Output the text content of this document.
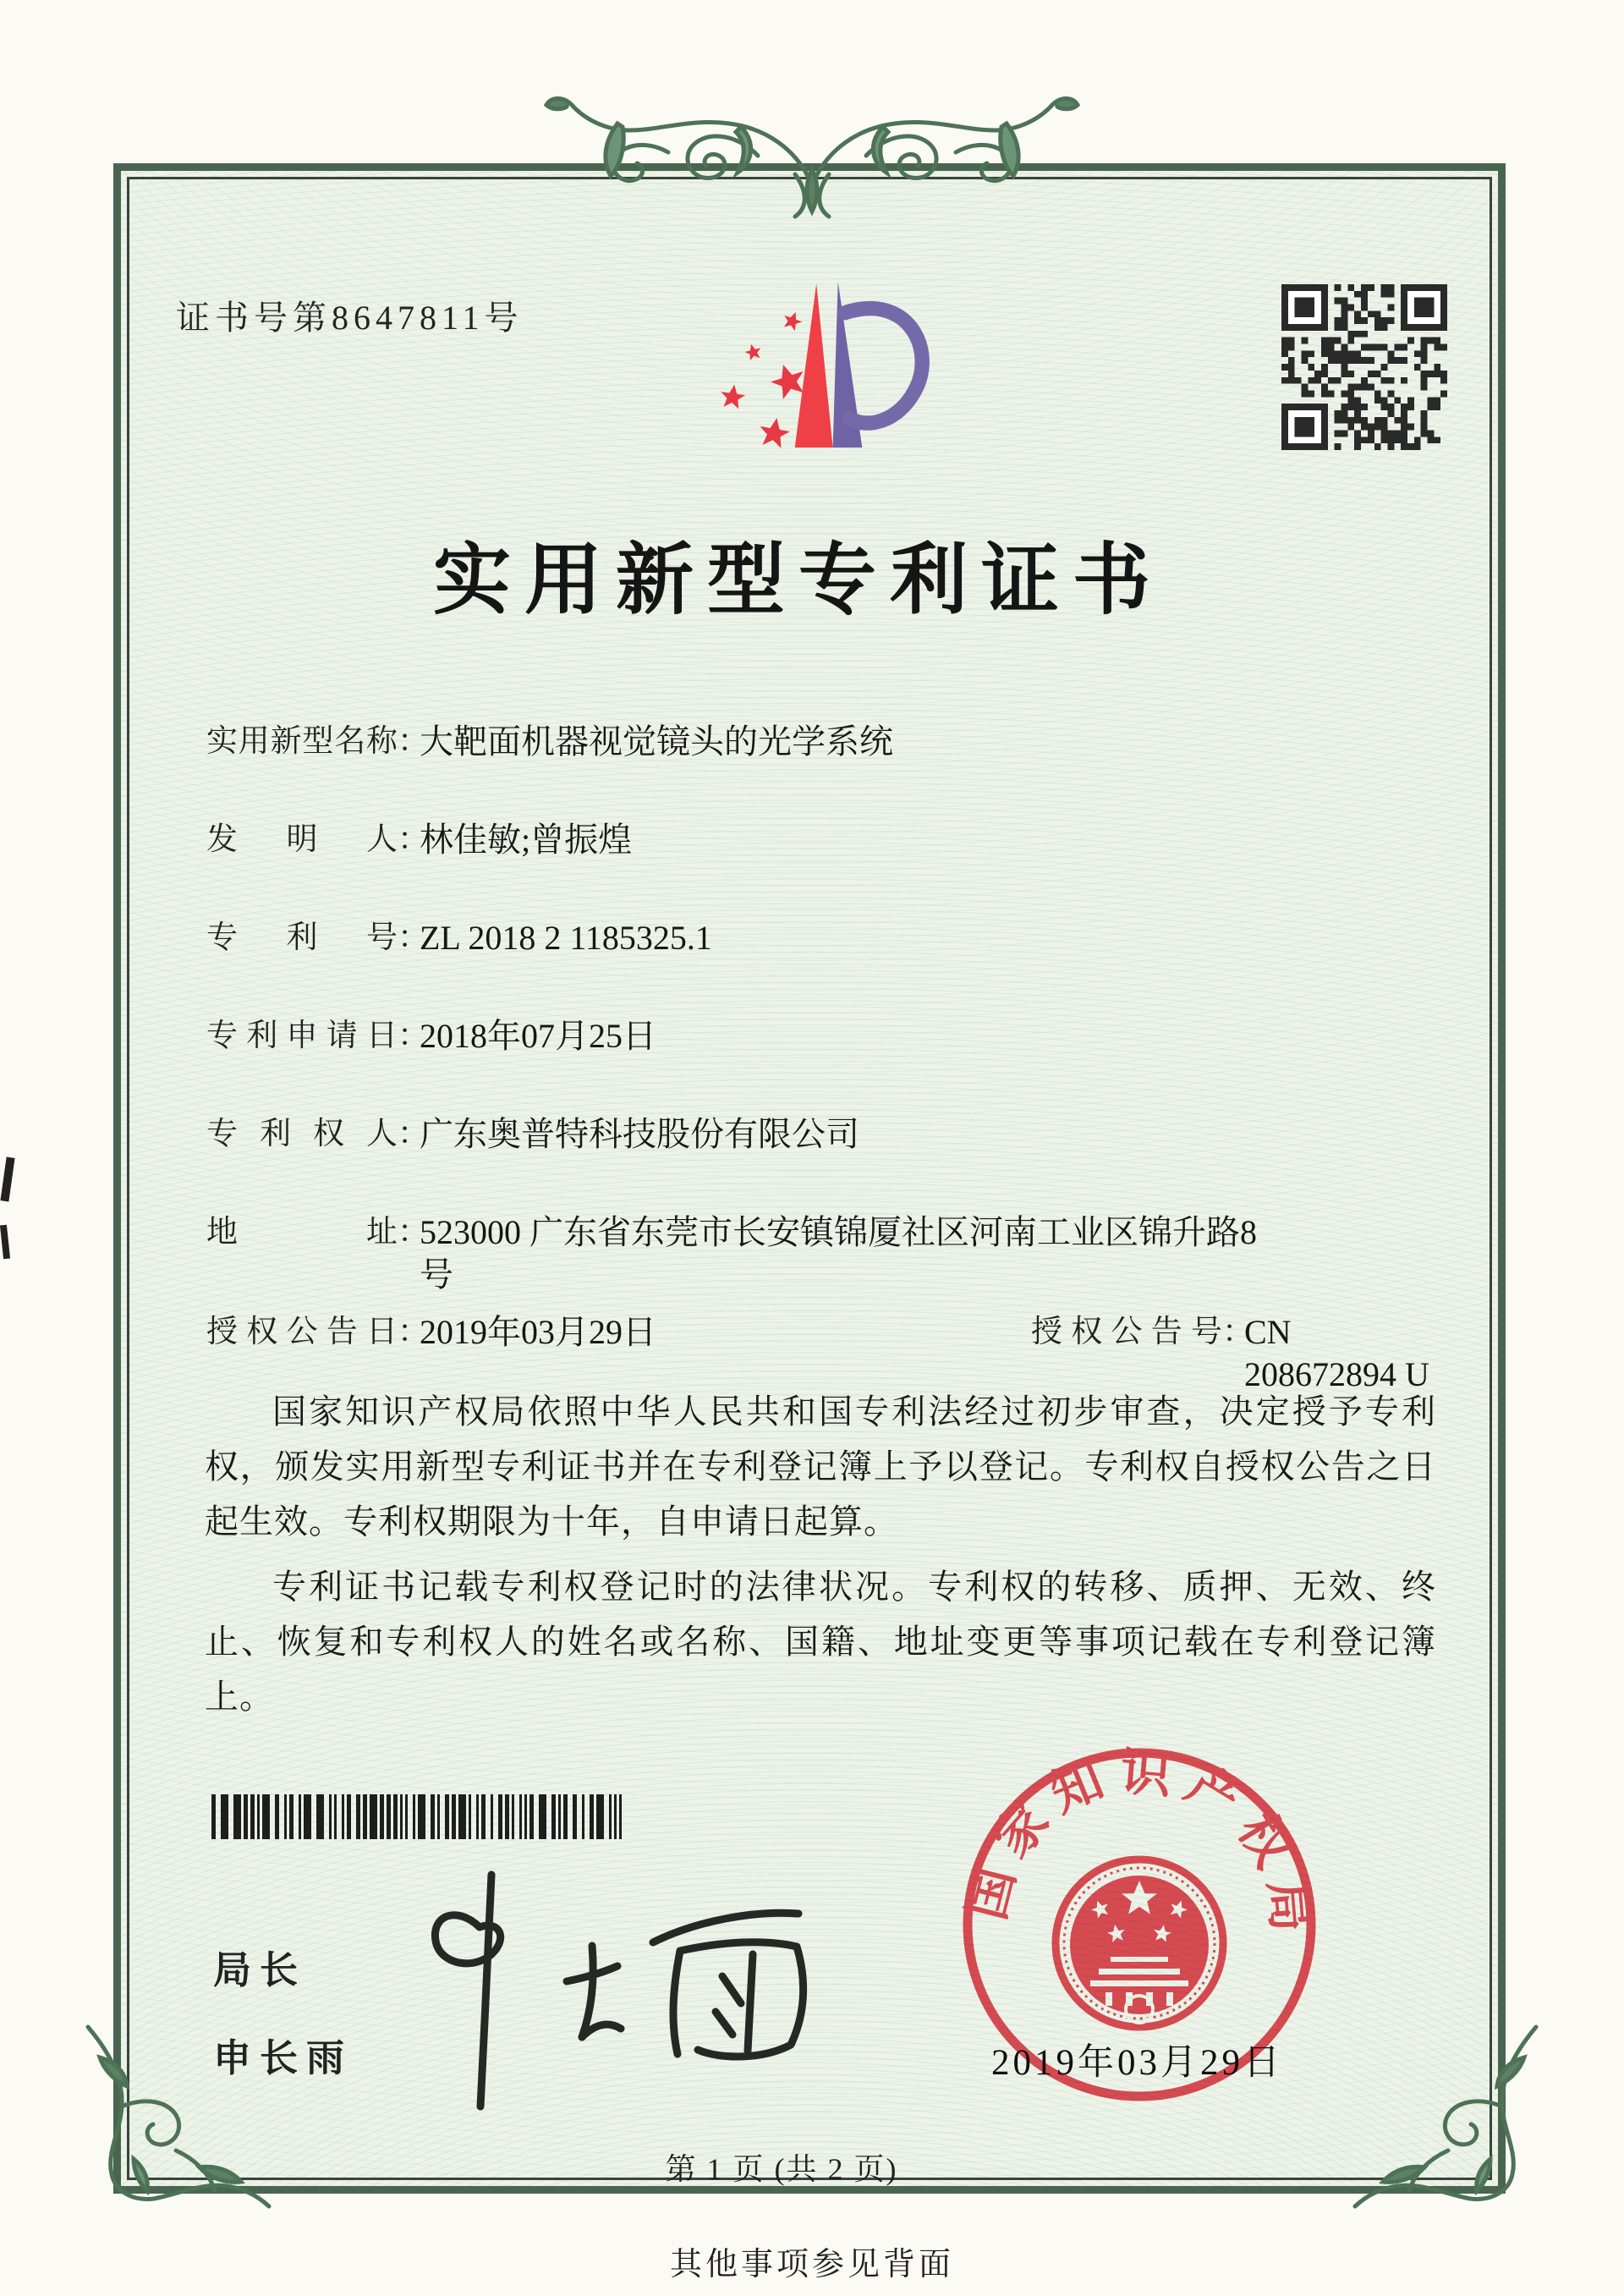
证书号第8647811号
实用新型专利证书
实用新型名称 ：
大靶面机器视觉镜头的光学系统
发明人 ：
林佳敏;曾振煌
专利号 ：
ZL 2018 2 1185325.1
专利申请日 ：
2018年07月25日
专利权人 ：
广东奥普特科技股份有限公司
地址 ：
523000 广东省东莞市长安镇锦厦社区河南工业区锦升路8号
授权公告日 ：
2019年03月29日	授权公告号 ：
CN 208672894 U
国家知识产权局依照中华人民共和国专利法经过初步审查，决定授予专利权，颁发实用新型专利证书并在专利登记簿上予以登记。专利权自授权公告之日起生效。专利权期限为十年，自申请日起算。
专利证书记载专利权登记时的法律状况。专利权的转移、质押、无效、终止、恢复和专利权人的姓名或名称、国籍、地址变更等事项记载在专利登记簿上。
局长
申长雨
国家知识产权局
2019年03月29日
第 1 页 (共 2 页)
其他事项参见背面
